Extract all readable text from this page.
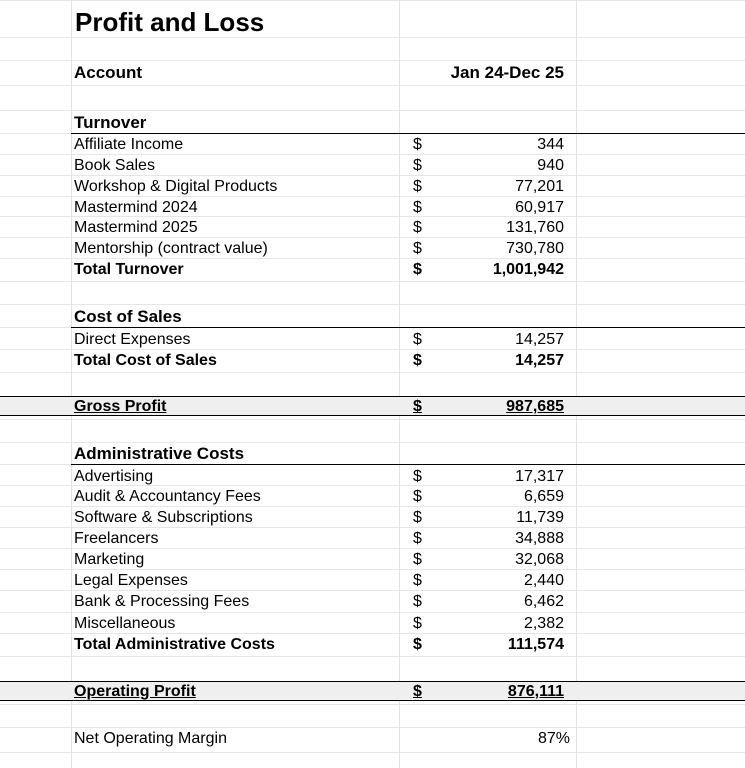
Profit and Loss
Account	Jan 24-Dec 25
Turnover
Affiliate Income	$	344
Book Sales	$	940
Workshop & Digital Products	$	77,201
Mastermind 2024	$	60,917
Mastermind 2025	$	131,760
Mentorship (contract value)	$	730,780
Total Turnover	$	1,001,942
Cost of Sales
Direct Expenses	$	14,257
Total Cost of Sales	$	14,257
Gross Profit	$	987,685
Administrative Costs
Advertising	$	17,317
Audit & Accountancy Fees	$	6,659
Software & Subscriptions	$	11,739
Freelancers	$	34,888
Marketing	$	32,068
Legal Expenses	$	2,440
Bank & Processing Fees	$	6,462
Miscellaneous	$	2,382
Total Administrative Costs	$	111,574
Operating Profit	$	876,111
Net Operating Margin	87%
